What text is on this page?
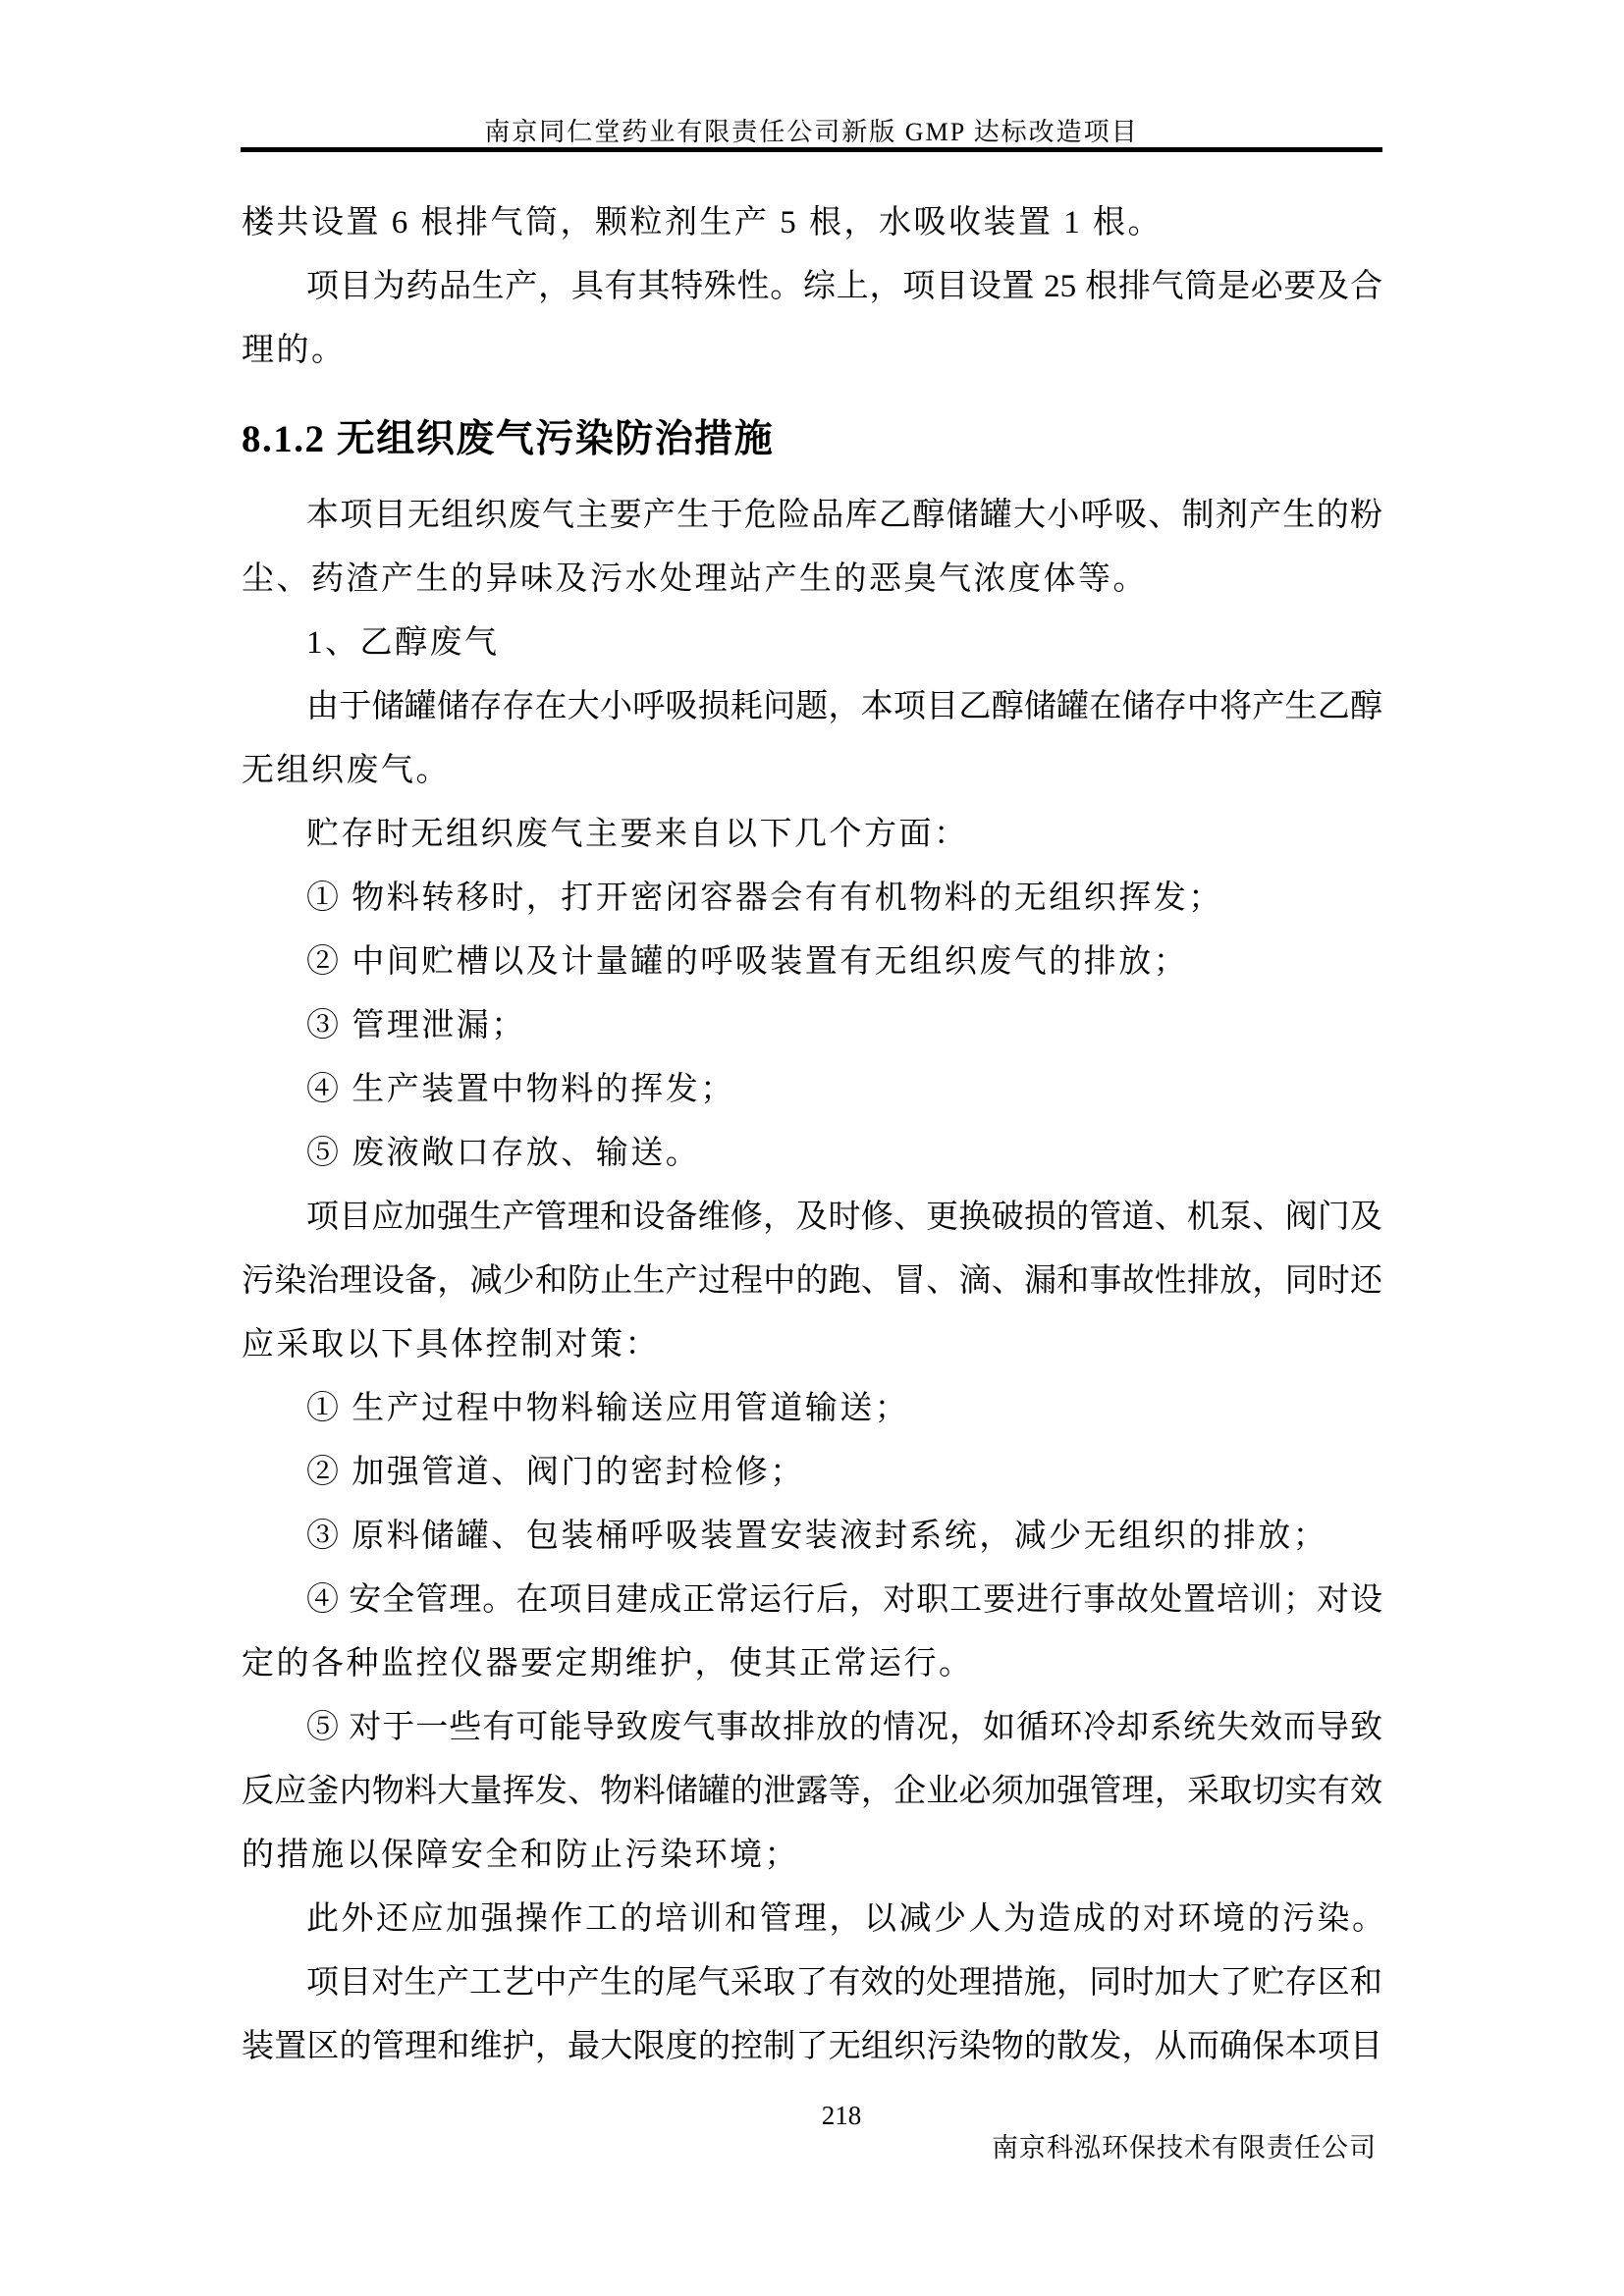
南京同仁堂药业有限责任公司新版 GMP 达标改造项目
楼共设置 6 根排气筒，颗粒剂生产 5 根，水吸收装置 1 根。
项目为药品生产，具有其特殊性。综上，项目设置 25 根排气筒是必要及合
理的。
8.1.2 无组织废气污染防治措施
本项目无组织废气主要产生于危险品库乙醇储罐大小呼吸、制剂产生的粉
尘、药渣产生的异味及污水处理站产生的恶臭气浓度体等。
1、乙醇废气
由于储罐储存存在大小呼吸损耗问题，本项目乙醇储罐在储存中将产生乙醇
无组织废气。
贮存时无组织废气主要来自以下几个方面：
① 物料转移时，打开密闭容器会有有机物料的无组织挥发；
② 中间贮槽以及计量罐的呼吸装置有无组织废气的排放；
③ 管理泄漏；
④ 生产装置中物料的挥发；
⑤ 废液敞口存放、输送。
项目应加强生产管理和设备维修，及时修、更换破损的管道、机泵、阀门及
污染治理设备，减少和防止生产过程中的跑、冒、滴、漏和事故性排放，同时还
应采取以下具体控制对策：
① 生产过程中物料输送应用管道输送；
② 加强管道、阀门的密封检修；
③ 原料储罐、包装桶呼吸装置安装液封系统，减少无组织的排放；
④ 安全管理。在项目建成正常运行后，对职工要进行事故处置培训；对设
定的各种监控仪器要定期维护，使其正常运行。
⑤ 对于一些有可能导致废气事故排放的情况，如循环冷却系统失效而导致
反应釜内物料大量挥发、物料储罐的泄露等，企业必须加强管理，采取切实有效
的措施以保障安全和防止污染环境；
此外还应加强操作工的培训和管理，以减少人为造成的对环境的污染。
项目对生产工艺中产生的尾气采取了有效的处理措施，同时加大了贮存区和
装置区的管理和维护，最大限度的控制了无组织污染物的散发，从而确保本项目
218
南京科泓环保技术有限责任公司
